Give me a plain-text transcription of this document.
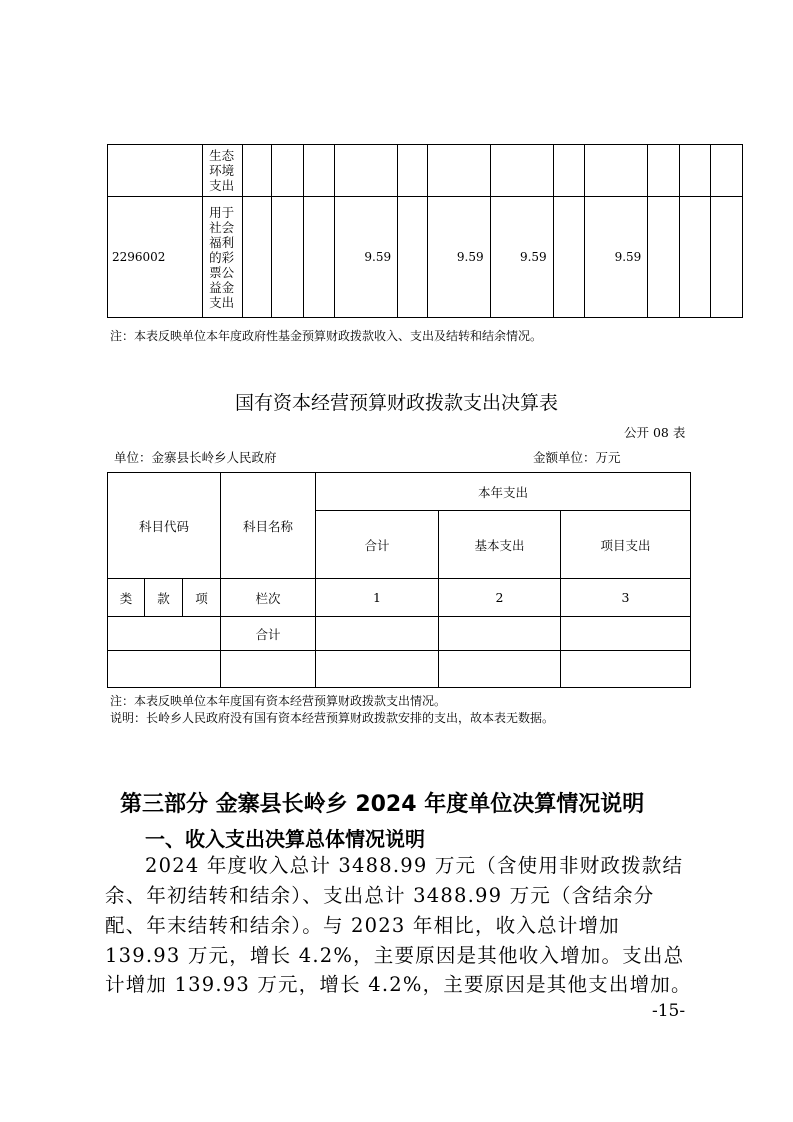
	生态环境支出												

2296002	用于社会福利的彩票公益金支出				9.59		9.59	9.59		9.59			
注：本表反映单位本年度政府性基金预算财政拨款收入、支出及结转和结余情况。
国有资本经营预算财政拨款支出决算表
公开 08 表
单位：金寨县长岭乡人民政府	金额单位：万元
科目代码			科目名称	本年支出		
				合计	基本支出	项目支出
类	款	项	栏次	1	2	3
			合计			

注：本表反映单位本年度国有资本经营预算财政拨款支出情况。
说明：长岭乡人民政府没有国有资本经营预算财政拨款安排的支出，故本表无数据。
第三部分 金寨县长岭乡 2024 年度单位决算情况说明
一、收入支出决算总体情况说明
2024 年度收入总计 3488.99 万元（含使用非财政拨款结
余、年初结转和结余）、支出总计 3488.99 万元（含结余分
配、年末结转和结余）。与 2023 年相比，收入总计增加
139.93 万元，增长 4.2%，主要原因是其他收入增加。支出总
计增加 139.93 万元，增长 4.2%，主要原因是其他支出增加。
-15-
